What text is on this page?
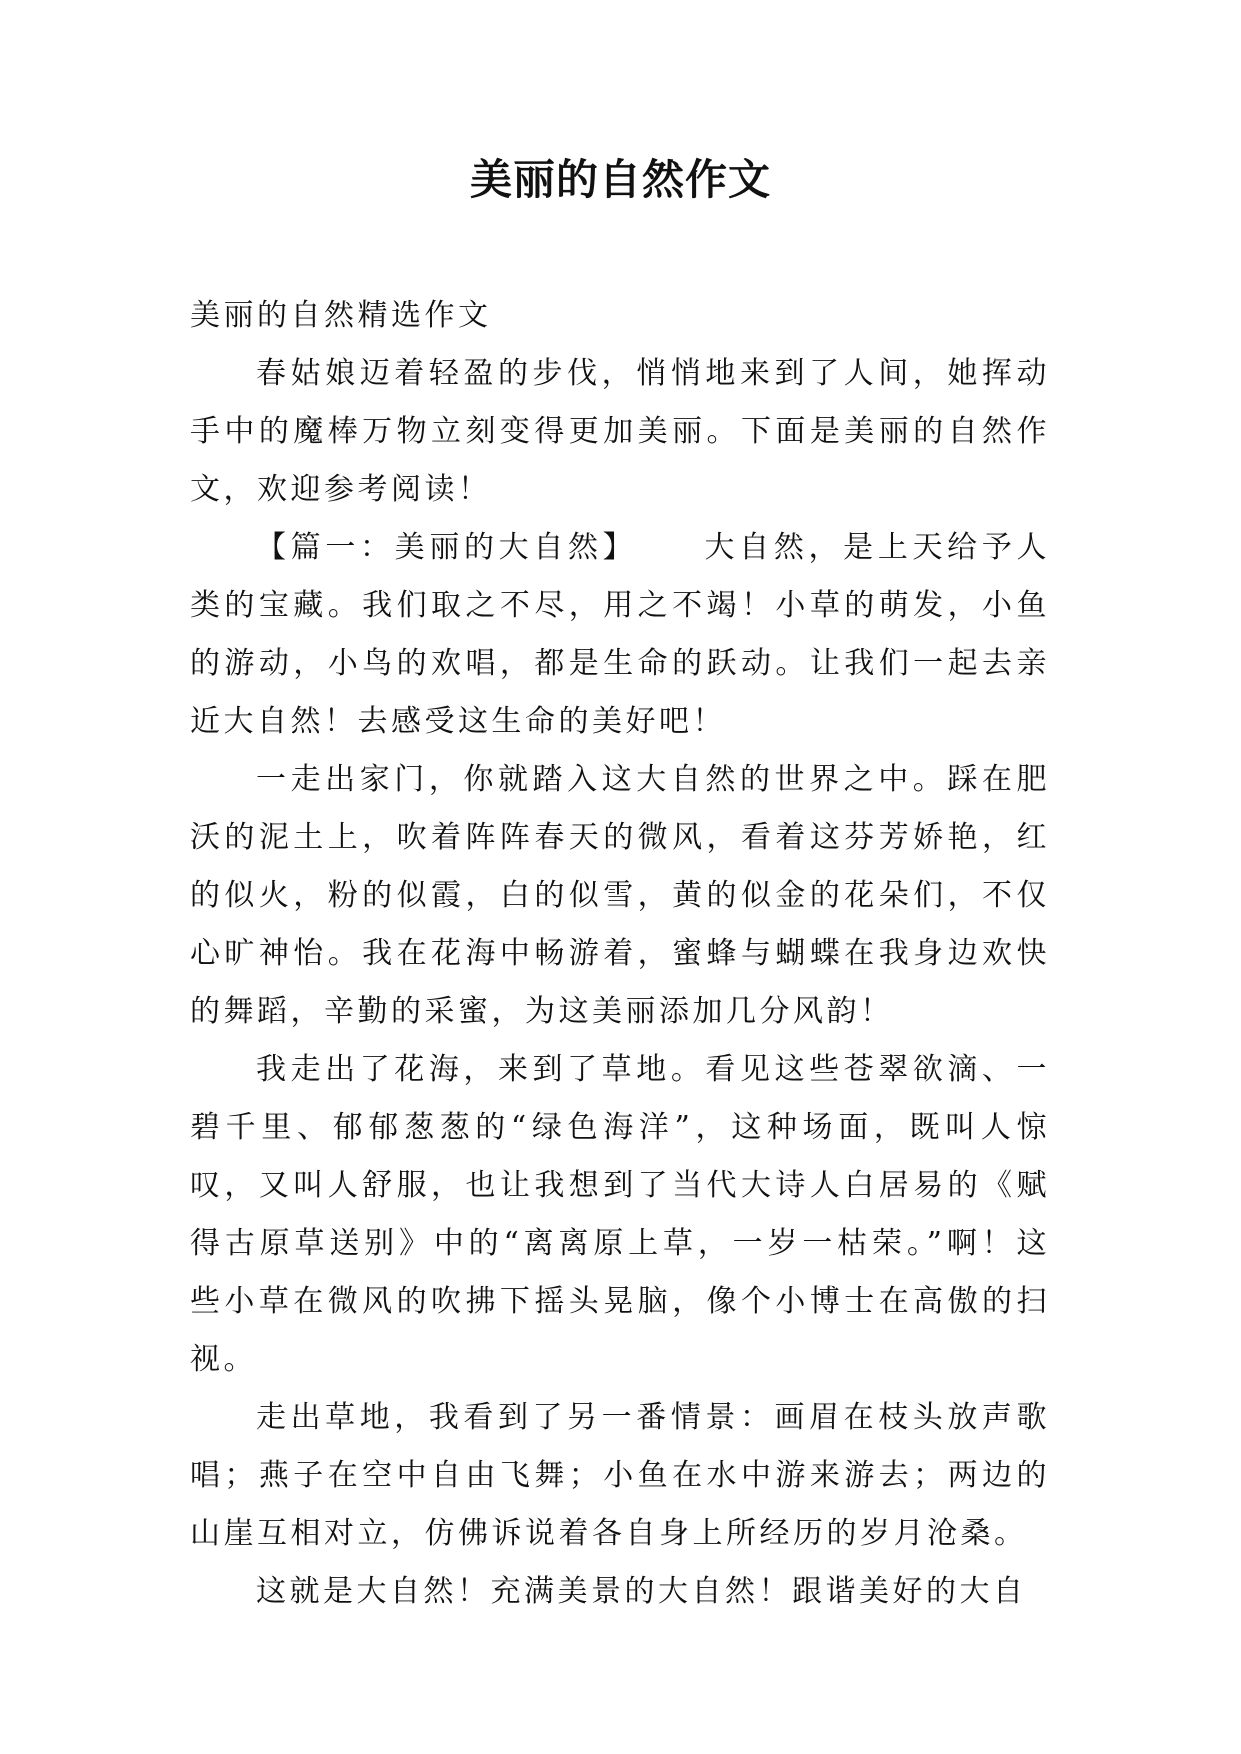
美丽的自然作文

美丽的自然精选作文

春姑娘迈着轻盈的步伐，悄悄地来到了人间，她挥动手中的魔棒万物立刻变得更加美丽。下面是美丽的自然作文，欢迎参考阅读！

【篇一：美丽的大自然】 大自然，是上天给予人类的宝藏。我们取之不尽，用之不竭！小草的萌发，小鱼的游动，小鸟的欢唱，都是生命的跃动。让我们一起去亲近大自然！去感受这生命的美好吧！

一走出家门，你就踏入这大自然的世界之中。踩在肥沃的泥土上，吹着阵阵春天的微风，看着这芬芳娇艳，红的似火，粉的似霞，白的似雪，黄的似金的花朵们，不仅心旷神怡。我在花海中畅游着，蜜蜂与蝴蝶在我身边欢快的舞蹈，辛勤的采蜜，为这美丽添加几分风韵！

我走出了花海，来到了草地。看见这些苍翠欲滴、一碧千里、郁郁葱葱的“绿色海洋”，这种场面，既叫人惊叹，又叫人舒服，也让我想到了当代大诗人白居易的《赋得古原草送别》中的“离离原上草，一岁一枯荣。”啊！这些小草在微风的吹拂下摇头晃脑，像个小博士在高傲的扫视。

走出草地，我看到了另一番情景：画眉在枝头放声歌唱；燕子在空中自由飞舞；小鱼在水中游来游去；两边的山崖互相对立，仿佛诉说着各自身上所经历的岁月沧桑。

这就是大自然！充满美景的大自然！跟谐美好的大自
